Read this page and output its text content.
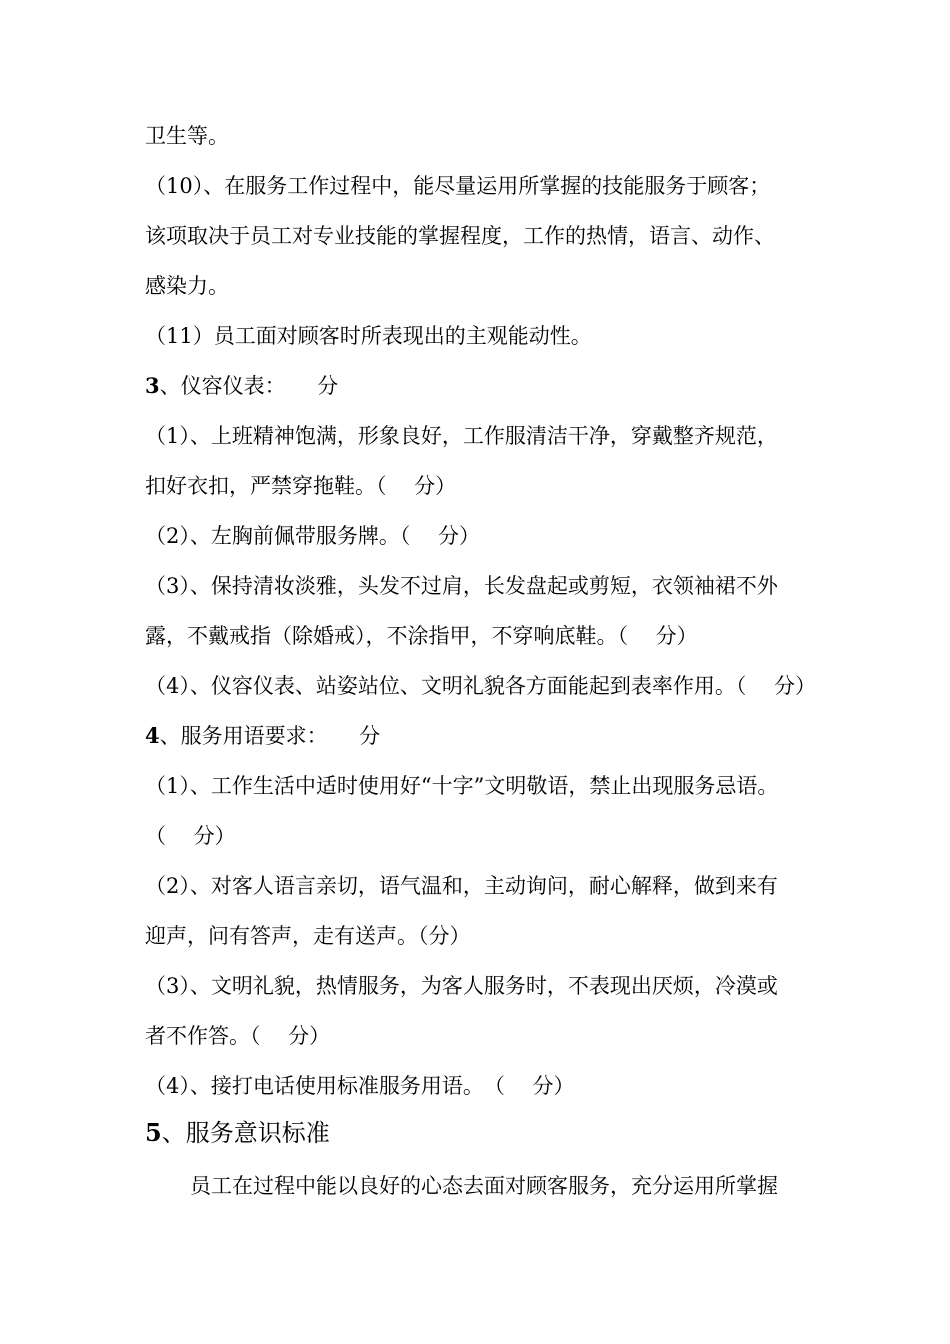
卫生等。
（10）、在服务工作过程中，能尽量运用所掌握的技能服务于顾客；
该项取决于员工对专业技能的掌握程度，工作的热情，语言、动作、
感染力。
（11）员工面对顾客时所表现出的主观能动性。
3、仪容仪表：　　分
（1）、上班精神饱满，形象良好，工作服清洁干净，穿戴整齐规范，
扣好衣扣，严禁穿拖鞋。（　 分）
（2）、左胸前佩带服务牌。（　 分）
（3）、保持清妆淡雅，头发不过肩，长发盘起或剪短，衣领袖裙不外
露，不戴戒指（除婚戒），不涂指甲，不穿响底鞋。（　 分）
（4）、仪容仪表、站姿站位、文明礼貌各方面能起到表率作用。（　 分）
4、服务用语要求：　　分
（1）、工作生活中适时使用好“十字”文明敬语，禁止出现服务忌语。
（　 分）
（2）、对客人语言亲切，语气温和，主动询问，耐心解释，做到来有
迎声，问有答声，走有送声。（分）
（3）、文明礼貌，热情服务，为客人服务时，不表现出厌烦，冷漠或
者不作答。（　 分）
（4）、接打电话使用标准服务用语。　（　 分）
5、服务意识标准
员工在过程中能以良好的心态去面对顾客服务，充分运用所掌握
